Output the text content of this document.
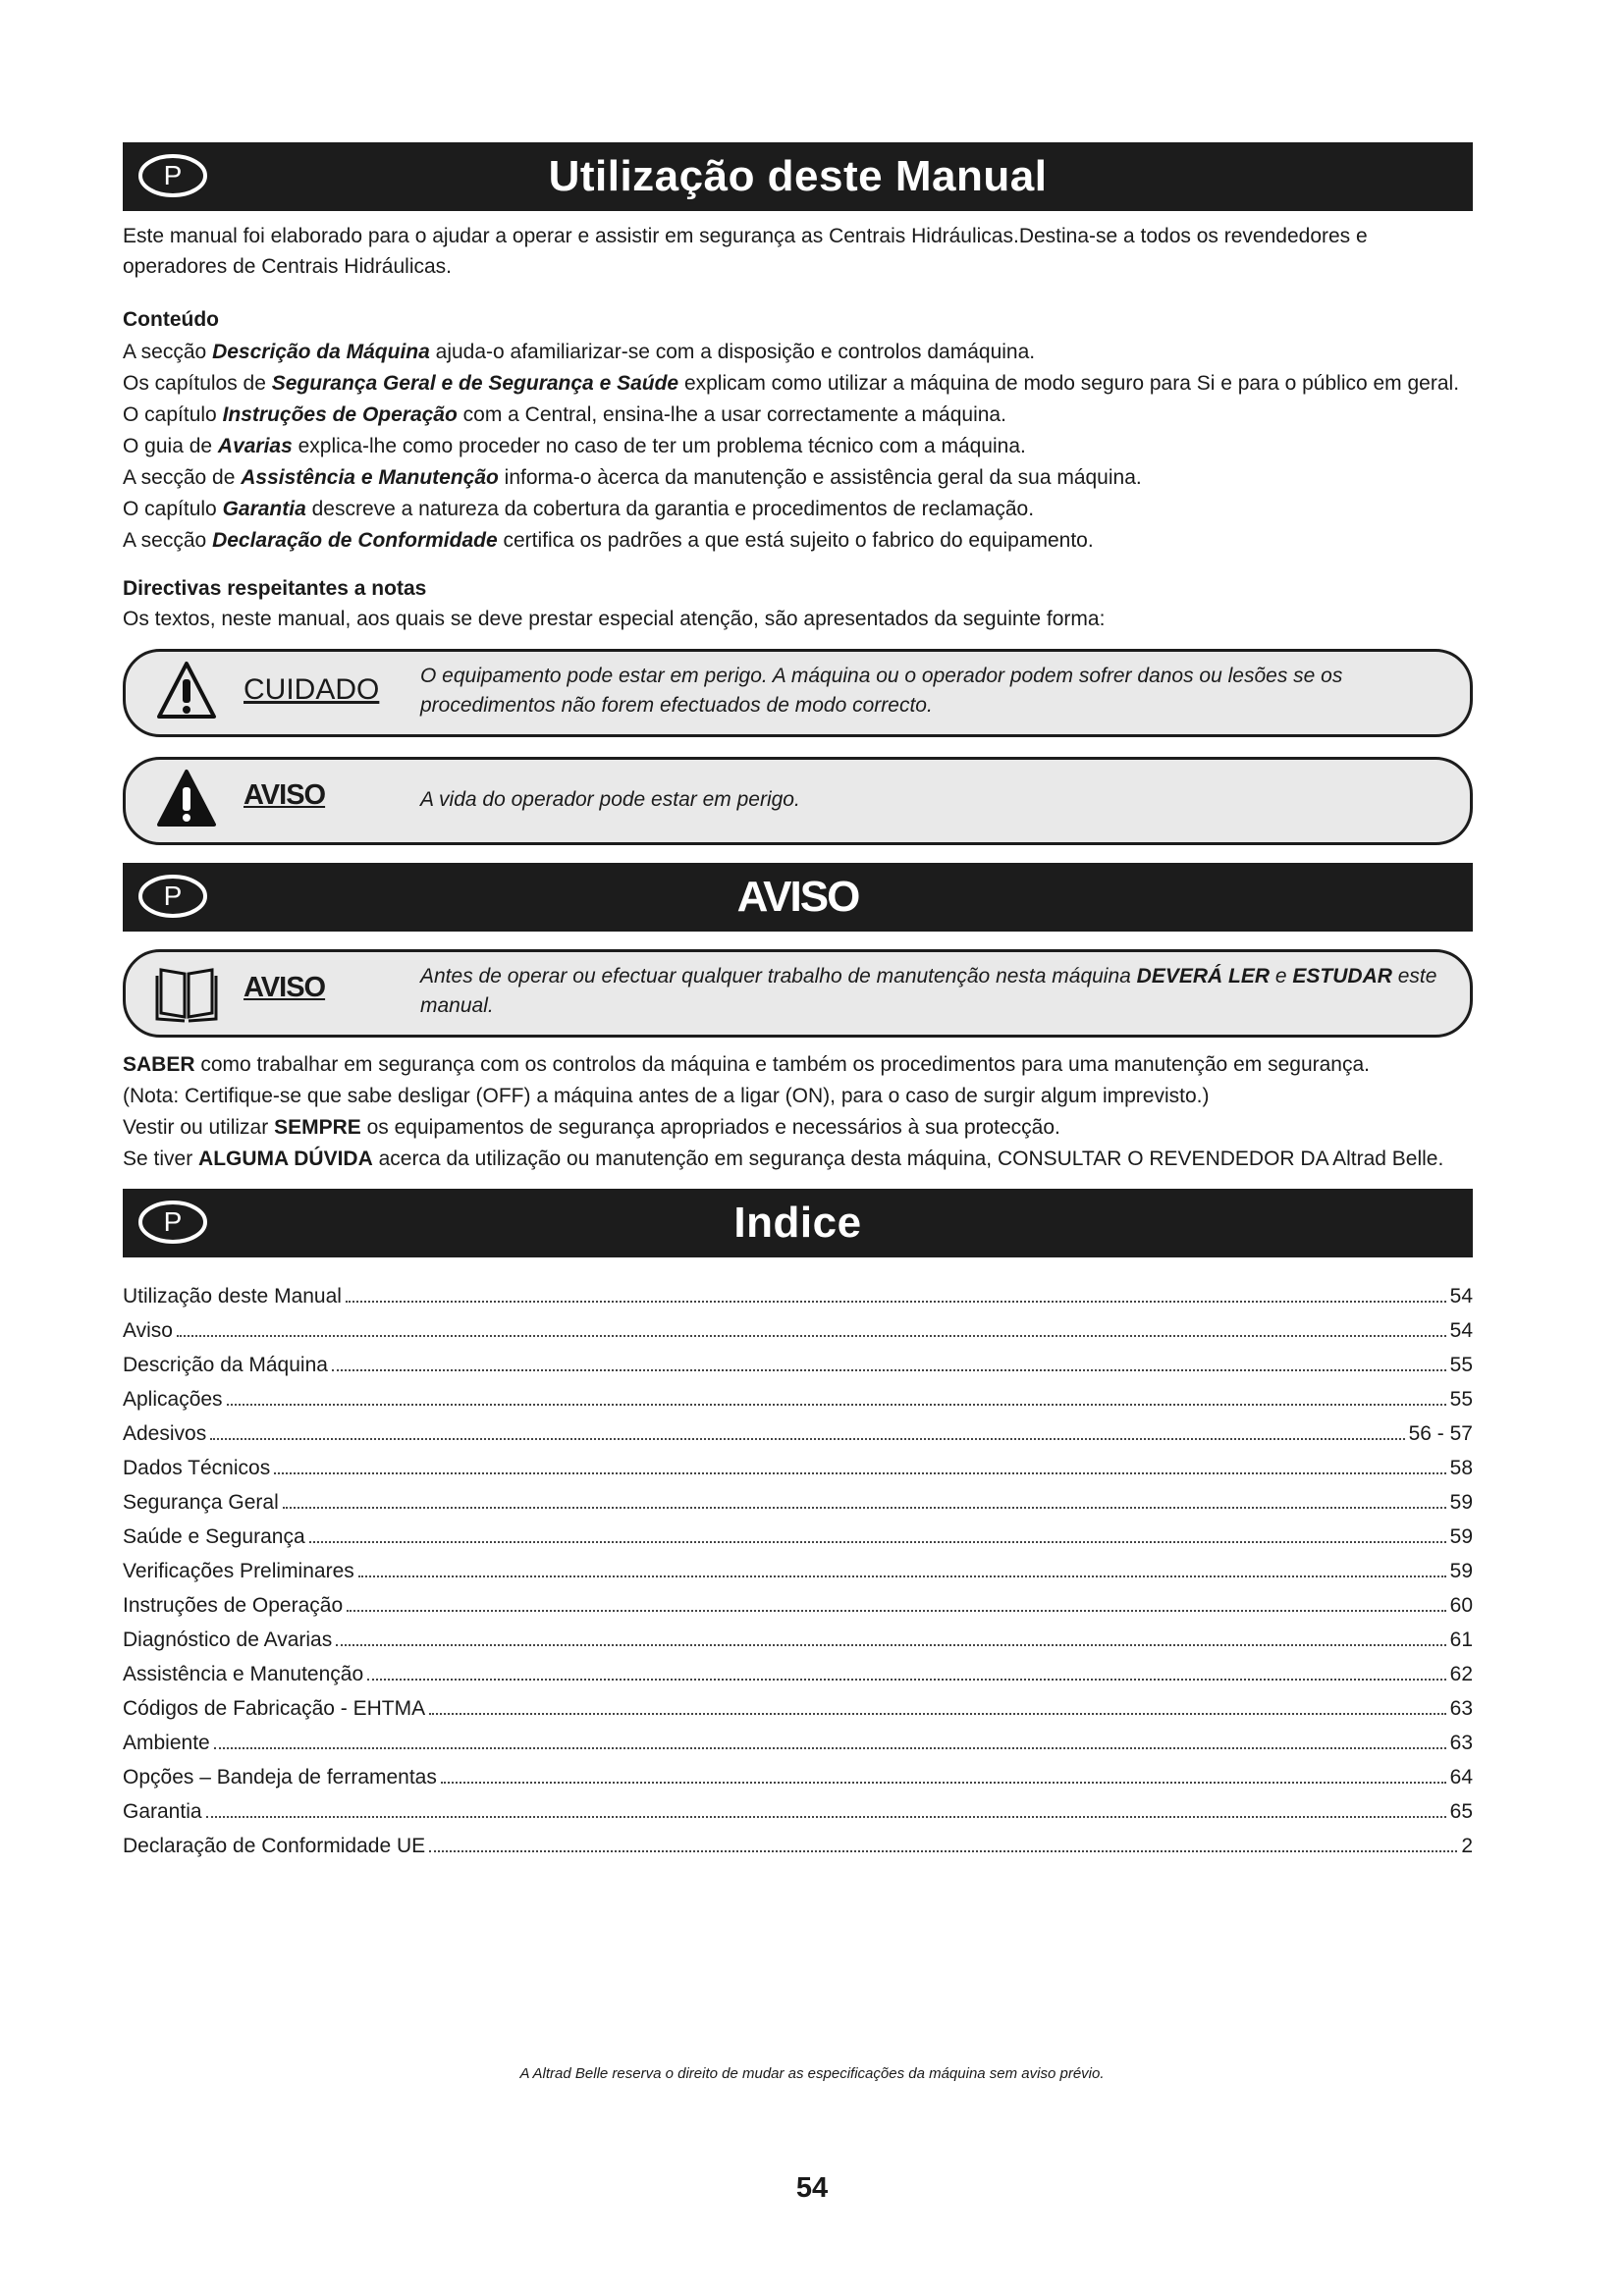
P	Utilização deste Manual
Este manual foi elaborado para o ajudar a operar e assistir em segurança as Centrais Hidráulicas.Destina-se a todos os revendedores e operadores de Centrais Hidráulicas.
Conteúdo
A secção Descrição da Máquina ajuda-o afamiliarizar-se com a disposição e controlos damáquina.
Os capítulos de Segurança Geral e de Segurança e Saúde explicam como utilizar a máquina de modo seguro para Si e para o público em geral.
O capítulo Instruções de Operação com a Central, ensina-lhe a usar correctamente a máquina.
O guia de Avarias explica-lhe como proceder no caso de ter um problema técnico com a máquina.
A secção de Assistência e Manutenção informa-o àcerca da manutenção e assistência geral da sua máquina.
O capítulo Garantia descreve a natureza da cobertura da garantia e procedimentos de reclamação.
A secção Declaração de Conformidade certifica os padrões a que está sujeito o fabrico do equipamento.
Directivas respeitantes a notas
Os textos, neste manual, aos quais se deve prestar especial atenção, são apresentados da seguinte forma:
CUIDADO O equipamento pode estar em perigo. A máquina ou o operador podem sofrer danos ou lesões se os procedimentos não forem efectuados de modo correcto.
AVISO	A vida do operador pode estar em perigo.
P	AVISO
AVISO	Antes de operar ou efectuar qualquer trabalho de manutenção nesta máquina DEVERÁ LER e ESTUDAR este manual.
SABER como trabalhar em segurança com os controlos da máquina e também os procedimentos para uma manutenção em segurança.
(Nota: Certifique-se que sabe desligar (OFF) a máquina antes de a ligar (ON), para o caso de surgir algum imprevisto.)
Vestir ou utilizar SEMPRE os equipamentos de segurança apropriados e necessários à sua protecção.
Se tiver ALGUMA DÚVIDA acerca da utilização ou manutenção em segurança desta máquina, CONSULTAR O REVENDEDOR DA Altrad Belle.
P	Indice
Utilização deste Manual	54
Aviso	54
Descrição da Máquina	55
Aplicações	55
Adesivos	56 - 57
Dados Técnicos	58
Segurança Geral	59
Saúde e Segurança	59
Verificações Preliminares	59
Instruções de Operação	60
Diagnóstico de Avarias	61
Assistência e Manutenção	62
Códigos de Fabricação - EHTMA	63
Ambiente	63
Opções – Bandeja de ferramentas	64
Garantia	65
Declaração de Conformidade UE	2
A Altrad Belle reserva o direito de mudar as especificações da máquina sem aviso prévio.
54
